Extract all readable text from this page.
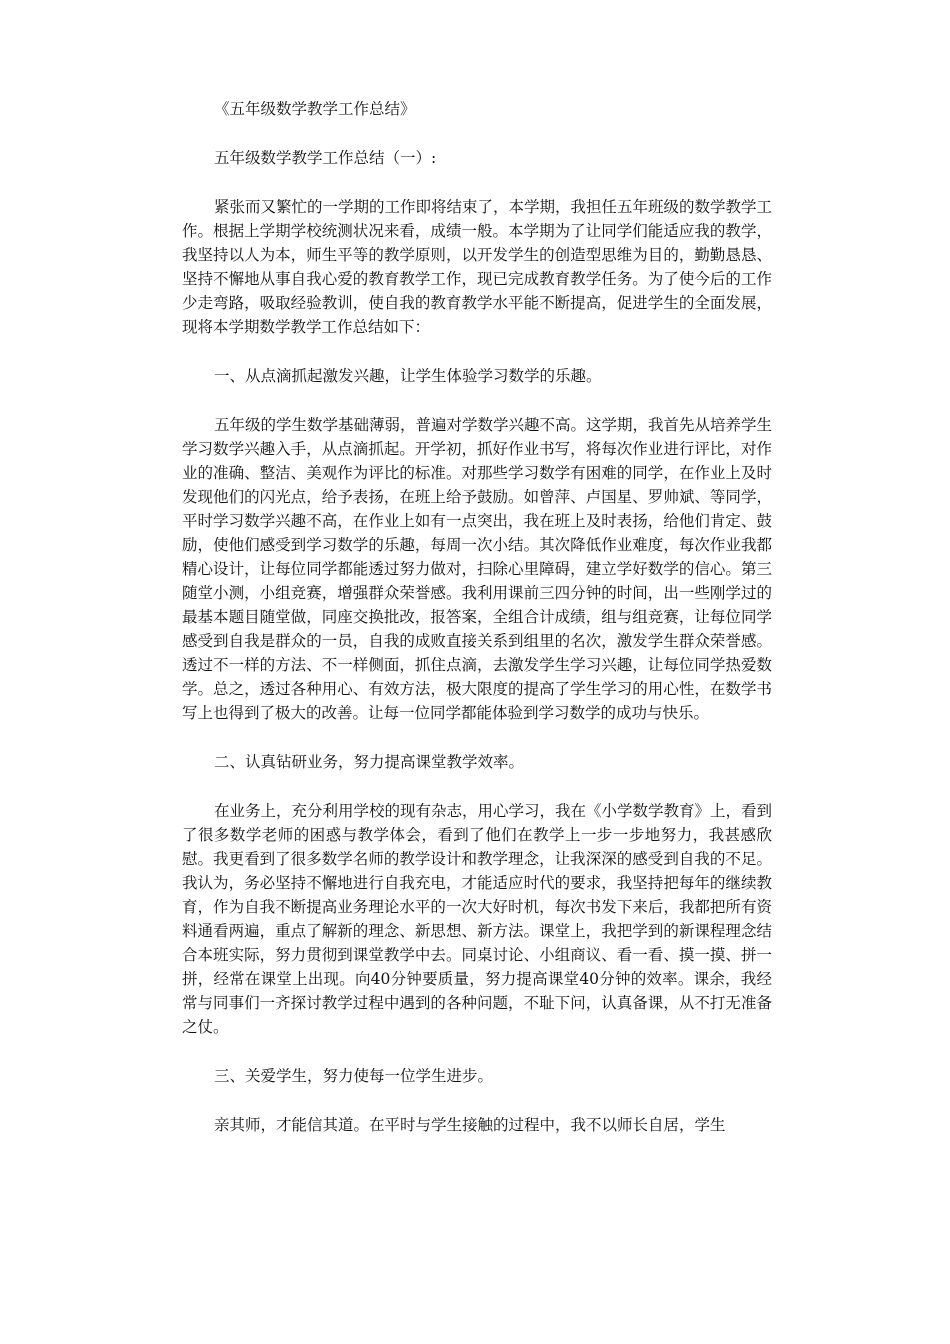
《五年级数学教学工作总结》

五年级数学教学工作总结（一）:

紧张而又繁忙的一学期的工作即将结束了，本学期，我担任五年班级的数学教学工作。根据上学期学校统测状况来看，成绩一般。本学期为了让同学们能适应我的教学，我坚持以人为本，师生平等的教学原则，以开发学生的创造型思维为目的，勤勤恳恳、坚持不懈地从事自我心爱的教育教学工作，现已完成教育教学任务。为了使今后的工作少走弯路，吸取经验教训，使自我的教育教学水平能不断提高，促进学生的全面发展，现将本学期数学教学工作总结如下：

一、从点滴抓起激发兴趣，让学生体验学习数学的乐趣。

五年级的学生数学基础薄弱，普遍对学数学兴趣不高。这学期，我首先从培养学生学习数学兴趣入手，从点滴抓起。开学初，抓好作业书写，将每次作业进行评比，对作业的准确、整洁、美观作为评比的标准。对那些学习数学有困难的同学，在作业上及时发现他们的闪光点，给予表扬，在班上给予鼓励。如曾萍、卢国星、罗帅斌、等同学，平时学习数学兴趣不高，在作业上如有一点突出，我在班上及时表扬，给他们肯定、鼓励，使他们感受到学习数学的乐趣，每周一次小结。其次降低作业难度，每次作业我都精心设计，让每位同学都能透过努力做对，扫除心里障碍，建立学好数学的信心。第三随堂小测，小组竞赛，增强群众荣誉感。我利用课前三四分钟的时间，出一些刚学过的最基本题目随堂做，同座交换批改，报答案，全组合计成绩，组与组竞赛，让每位同学感受到自我是群众的一员，自我的成败直接关系到组里的名次，激发学生群众荣誉感。透过不一样的方法、不一样侧面，抓住点滴，去激发学生学习兴趣，让每位同学热爱数学。总之，透过各种用心、有效方法，极大限度的提高了学生学习的用心性，在数学书写上也得到了极大的改善。让每一位同学都能体验到学习数学的成功与快乐。

二、认真钻研业务，努力提高课堂教学效率。

在业务上，充分利用学校的现有杂志，用心学习，我在《小学数学教育》上，看到了很多数学老师的困惑与教学体会，看到了他们在教学上一步一步地努力，我甚感欣慰。我更看到了很多数学名师的教学设计和教学理念，让我深深的感受到自我的不足。我认为，务必坚持不懈地进行自我充电，才能适应时代的要求，我坚持把每年的继续教育，作为自我不断提高业务理论水平的一次大好时机，每次书发下来后，我都把所有资料通看两遍，重点了解新的理念、新思想、新方法。课堂上，我把学到的新课程理念结合本班实际，努力贯彻到课堂教学中去。同桌讨论、小组商议、看一看、摸一摸、拼一拼，经常在课堂上出现。向40分钟要质量，努力提高课堂40分钟的效率。课余，我经常与同事们一齐探讨教学过程中遇到的各种问题，不耻下问，认真备课，从不打无准备之仗。

三、关爱学生，努力使每一位学生进步。

亲其师，才能信其道。在平时与学生接触的过程中，我不以师长自居，学生
